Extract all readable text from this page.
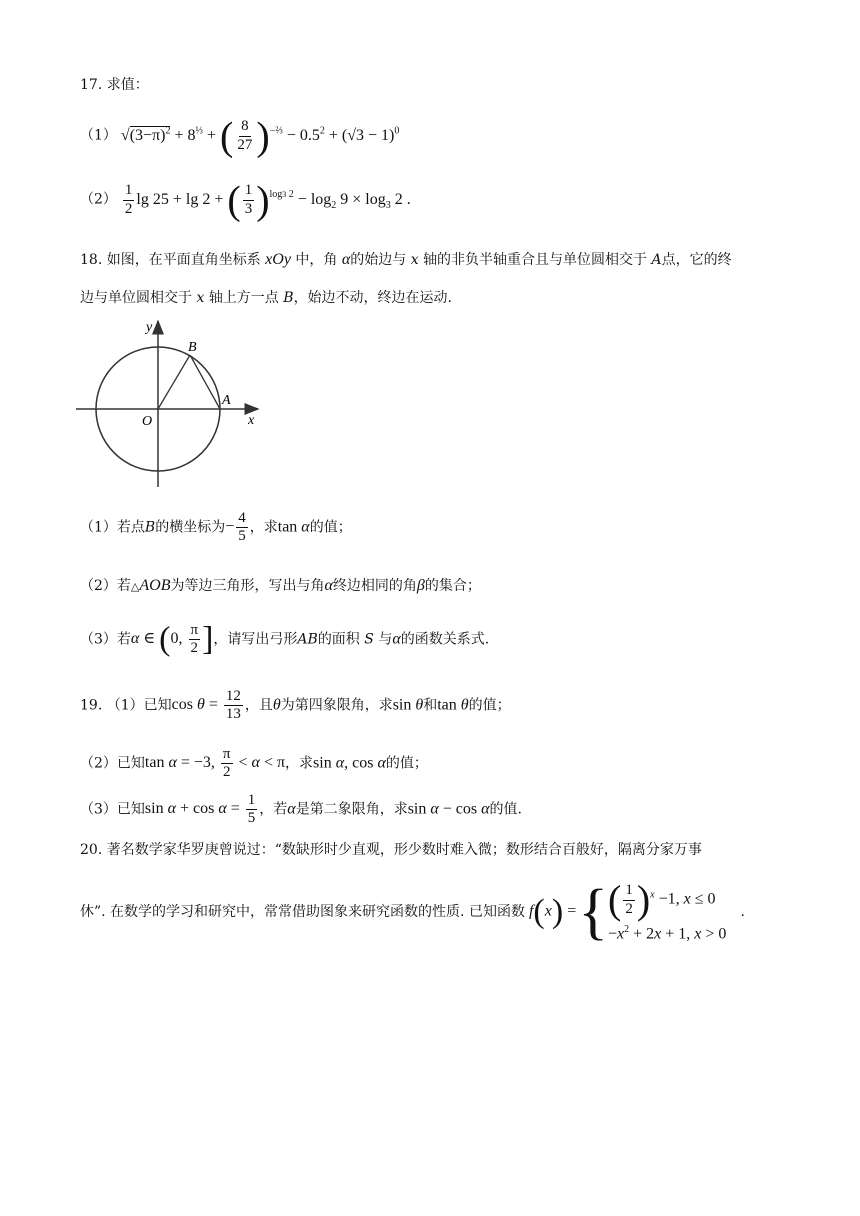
17. 求值：
（1） $√(3-\pi)^2 + 8^{\frac{1}{3}}$ + ( $\frac{8}{27} )^{-\frac{2}{3}} - 0.5^2 + (√3 - 1)^0$
$(2) \frac{1}{2}$ lg 25 + lg 2 + ( $\frac{1}{3} )^{log3 2} - \log_2 9 \times \log_3 2$ .
18. 如图，在平面直角坐标系 xOy 中，角 α的始边与 x 轴的非负半轴重合且与单位圆相交于 A点，它的终
边与单位圆相交于 x 轴上方一点 B，始边不动，终边在运动.
y
x
O
A
B
（1）若点B的横坐标为− $\frac{4}{5}$ ，求tan α的值；
（2）若△AOB为等边三角形，写出与角α终边相同的角β的集合；
（3）若α ∈ (0, $\frac{\pi}{2}$ ]，请写出弓形AB的面积 S 与α的函数关系式.
19. （1）已知$\cos \theta = \frac{12}{13}$ ，且θ为第四象限角，求sin θ和tan θ的值；
（2）已知tan α = −3, $\frac{\pi}{2} < \alpha < \pi$，求sin α, cos α的值；
（3）已知$\sin \alpha + \cos \alpha = \frac{1}{5}$ ，若α是第二象限角，求sin α − cos α的值.
20. 著名数学家华罗庚曾说过：“数缺形时少直观，形少数时难入微；数形结合百般好，隔离分家万事
休”. 在数学的学习和研究中，常常借助图象来研究函数的性质. 已知函数 f(x) = { ( $\frac{1}{2} )^x -1$, x ≤ 0
$-x^2 + 2x + 1$, x > 0
.
